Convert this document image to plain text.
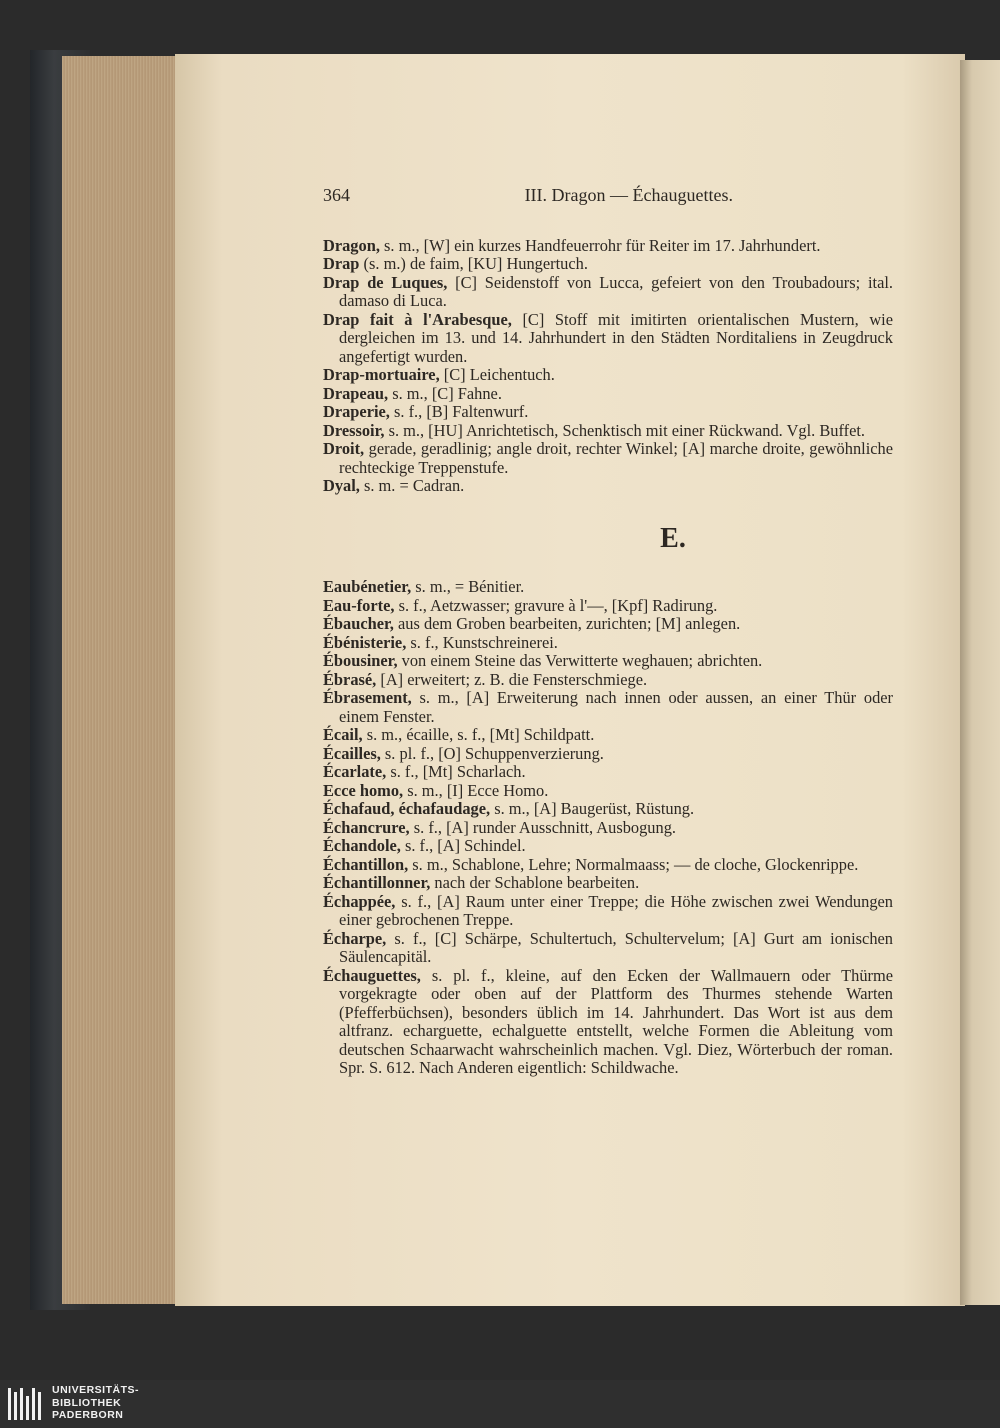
364	III. Dragon — Échauguettes.
Dragon, s. m., [W] ein kurzes Handfeuerrohr für Reiter im 17. Jahrhundert.
Drap (s. m.) de faim, [KU] Hungertuch.
Drap de Luques, [C] Seidenstoff von Lucca, gefeiert von den Troubadours; ital. damaso di Luca.
Drap fait à l'Arabesque, [C] Stoff mit imitirten orientalischen Mustern, wie dergleichen im 13. und 14. Jahrhundert in den Städten Norditaliens in Zeugdruck angefertigt wurden.
Drap-mortuaire, [C] Leichentuch.
Drapeau, s. m., [C] Fahne.
Draperie, s. f., [B] Faltenwurf.
Dressoir, s. m., [HU] Anrichtetisch, Schenktisch mit einer Rückwand. Vgl. Buffet.
Droit, gerade, geradlinig; angle droit, rechter Winkel; [A] marche droite, gewöhnliche rechteckige Treppenstufe.
Dyal, s. m. = Cadran.
E.
Eaubénetier, s. m., = Bénitier.
Eau-forte, s. f., Aetzwasser; gravure à l'—, [Kpf] Radirung.
Ébaucher, aus dem Groben bearbeiten, zurichten; [M] anlegen.
Ébénisterie, s. f., Kunstschreinerei.
Ébousiner, von einem Steine das Verwitterte weghauen; abrichten.
Ébrasé, [A] erweitert; z. B. die Fensterschmiege.
Ébrasement, s. m., [A] Erweiterung nach innen oder aussen, an einer Thür oder einem Fenster.
Écail, s. m., écaille, s. f., [Mt] Schildpatt.
Écailles, s. pl. f., [O] Schuppenverzierung.
Écarlate, s. f., [Mt] Scharlach.
Ecce homo, s. m., [I] Ecce Homo.
Échafaud, échafaudage, s. m., [A] Baugerüst, Rüstung.
Échancrure, s. f., [A] runder Ausschnitt, Ausbogung.
Échandole, s. f., [A] Schindel.
Échantillon, s. m., Schablone, Lehre; Normalmaass; — de cloche, Glockenrippe.
Échantillonner, nach der Schablone bearbeiten.
Échappée, s. f., [A] Raum unter einer Treppe; die Höhe zwischen zwei Wendungen einer gebrochenen Treppe.
Écharpe, s. f., [C] Schärpe, Schultertuch, Schultervelum; [A] Gurt am ionischen Säulencapitäl.
Échauguettes, s. pl. f., kleine, auf den Ecken der Wallmauern oder Thürme vorgekragte oder oben auf der Plattform des Thurmes stehende Warten (Pfefferbüchsen), besonders üblich im 14. Jahrhundert. Das Wort ist aus dem altfranz. echarguette, echalguette entstellt, welche Formen die Ableitung vom deutschen Schaarwacht wahrscheinlich machen. Vgl. Diez, Wörterbuch der roman. Spr. S. 612. Nach Anderen eigentlich: Schildwache.
UNIVERSITÄTS-
BIBLIOTHEK
PADERBORN
